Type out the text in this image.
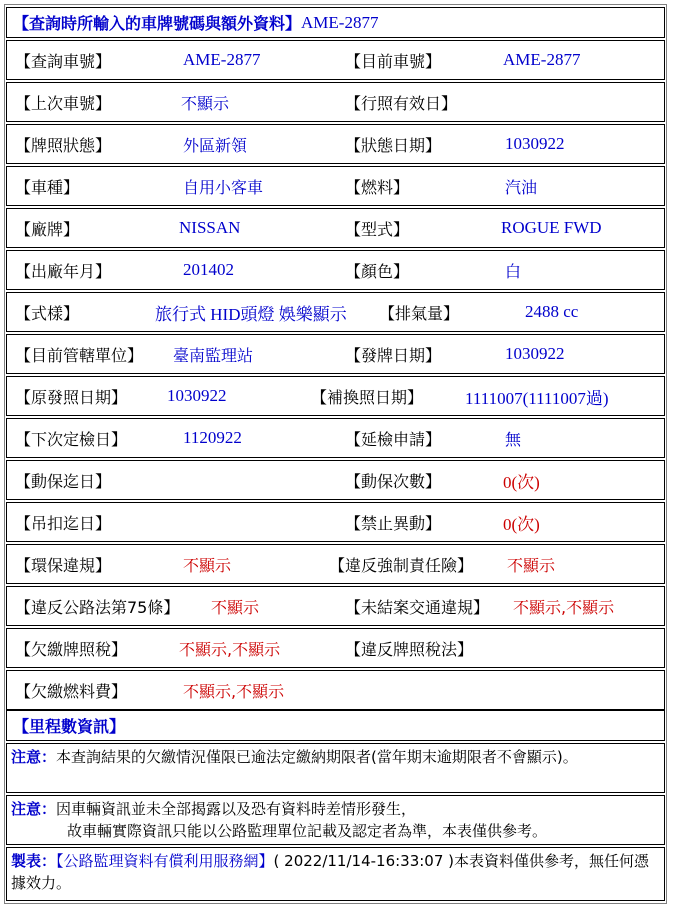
【查詢時所輸入的車牌號碼與額外資料】 AME-2877
【查詢車號】	AME-2877	【目前車號】	AME-2877
【上次車號】	不顯示	【行照有效日】
【牌照狀態】	外區新領	【狀態日期】	1030922
【車種】	自用小客車	【燃料】	汽油
【廠牌】	NISSAN	【型式】	ROGUE FWD
【出廠年月】	201402	【顏色】	白
【式樣】	旅行式 HID頭燈 娛樂顯示 【排氣量】	2488 cc
【目前管轄單位】 臺南監理站	【發牌日期】	1030922
【原發照日期】 1030922	【補換照日期】 1111007(1111007過)
【下次定檢日】	1120922	【延檢申請】	無
【動保迄日】	【動保次數】	0(次)
【吊扣迄日】	【禁止異動】	0(次)
【環保違規】	不顯示	【違反強制責任險】 不顯示
【違反公路法第75條】 不顯示	【未結案交通違規】 不顯示,不顯示
【欠繳牌照稅】	不顯示,不顯示	【違反牌照稅法】
【欠繳燃料費】	不顯示,不顯示
【里程數資訊】
注意：本查詢結果的欠繳情況僅限已逾法定繳納期限者(當年期末逾期限者不會顯示)。
注意：因車輛資訊並未全部揭露以及恐有資料時差情形發生，
故車輛實際資訊只能以公路監理單位記載及認定者為準，本表僅供參考。
製表：【公路監理資料有償利用服務網】( 2022/11/14-16:33:07 )本表資料僅供參考，無任何憑據效力。
